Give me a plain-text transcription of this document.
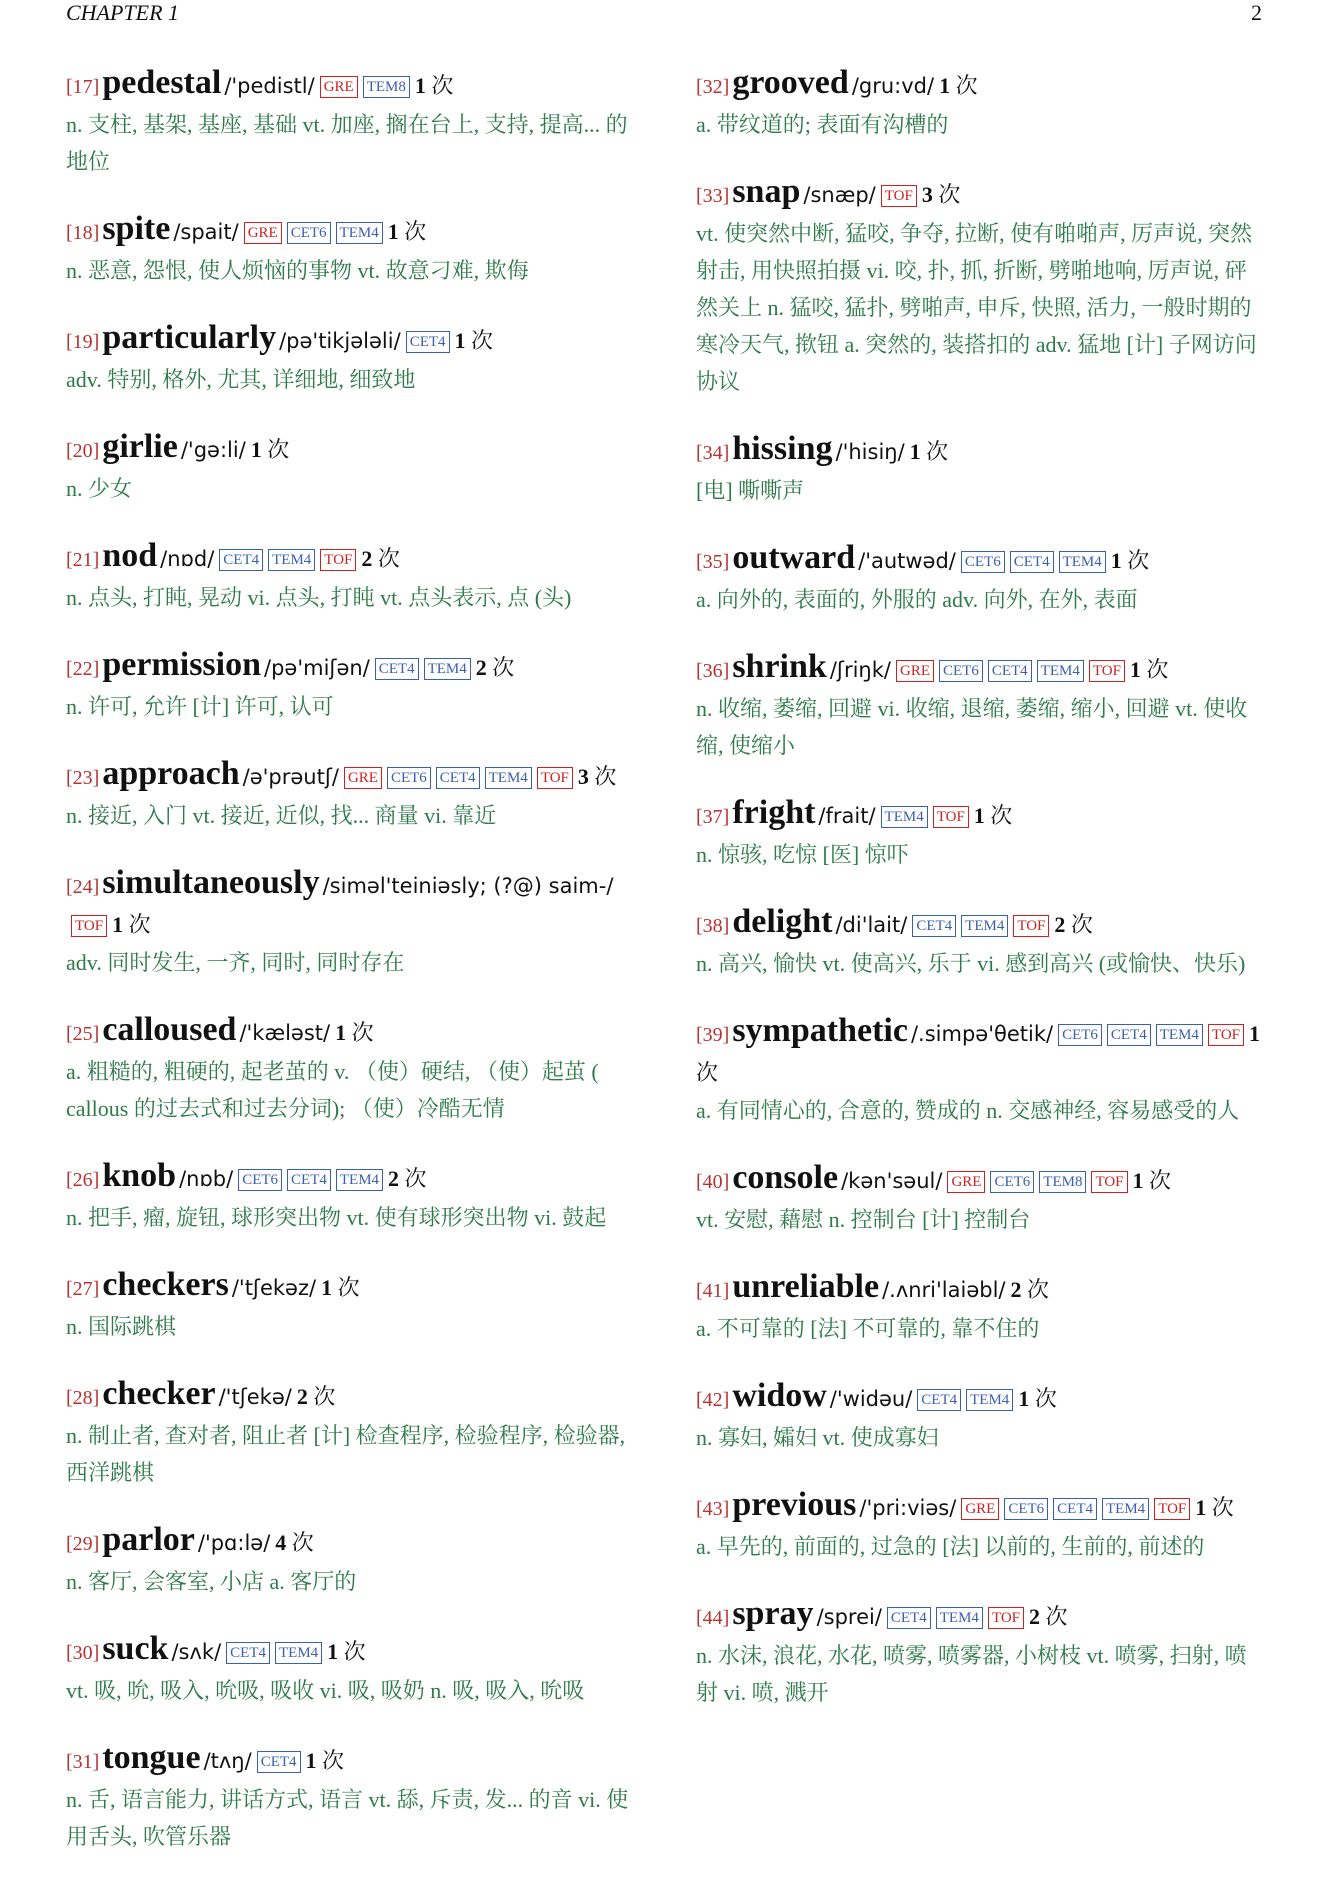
CHAPTER 1	2
[17]pedestal /'pedistl/ GRE TEM8 1 次
n. 支柱, 基架, 基座, 基础 vt. 加座, 搁在台上, 支持, 提高... 的地位
[18]spite /spait/ GRE CET6 TEM4 1 次
n. 恶意, 怨恨, 使人烦恼的事物 vt. 故意刁难, 欺侮
[19]particularly /pə'tikjələli/ CET4 1 次
adv. 特别, 格外, 尤其, 详细地, 细致地
[20]girlie /'gə:li/ 1 次
n. 少女
[21]nod /nɒd/ CET4 TEM4 TOF 2 次
n. 点头, 打盹, 晃动 vi. 点头, 打盹 vt. 点头表示, 点 (头)
[22]permission /pə'miʃən/ CET4 TEM4 2 次
n. 许可, 允许 [计] 许可, 认可
[23]approach /ə'prəutʃ/ GRE CET6 CET4 TEM4 TOF 3 次
n. 接近, 入门 vt. 接近, 近似, 找... 商量 vi. 靠近
[24]simultaneously /siməl'teiniəsly; (?@) saim-/TOF 1 次
adv. 同时发生, 一齐, 同时, 同时存在
[25]calloused /'kæləst/ 1 次
a. 粗糙的, 粗硬的, 起老茧的 v. （使）硬结, （使）起茧 ( callous 的过去式和过去分词); （使）冷酷无情
[26]knob /nɒb/ CET6 CET4 TEM4 2 次
n. 把手, 瘤, 旋钮, 球形突出物 vt. 使有球形突出物 vi. 鼓起
[27]checkers /'tʃekəz/ 1 次
n. 国际跳棋
[28]checker /'tʃekə/ 2 次
n. 制止者, 查对者, 阻止者 [计] 检查程序, 检验程序, 检验器, 西洋跳棋
[29]parlor /'pɑ:lə/ 4 次
n. 客厅, 会客室, 小店 a. 客厅的
[30]suck /sʌk/ CET4 TEM4 1 次
vt. 吸, 吮, 吸入, 吮吸, 吸收 vi. 吸, 吸奶 n. 吸, 吸入, 吮吸
[31]tongue /tʌŋ/ CET4 1 次
n. 舌, 语言能力, 讲话方式, 语言 vt. 舔, 斥责, 发... 的音 vi. 使用舌头, 吹管乐器
[32]grooved /gru:vd/ 1 次
a. 带纹道的; 表面有沟槽的
[33]snap /snæp/ TOF 3 次
vt. 使突然中断, 猛咬, 争夺, 拉断, 使有啪啪声, 厉声说, 突然射击, 用快照拍摄 vi. 咬, 扑, 抓, 折断, 劈啪地响, 厉声说, 砰然关上 n. 猛咬, 猛扑, 劈啪声, 申斥, 快照, 活力, 一般时期的寒冷天气, 揿钮 a. 突然的, 装搭扣的 adv. 猛地 [计] 子网访问协议
[34]hissing /'hisiŋ/ 1 次
[电] 嘶嘶声
[35]outward /'autwəd/ CET6 CET4 TEM4 1 次
a. 向外的, 表面的, 外服的 adv. 向外, 在外, 表面
[36]shrink /ʃriŋk/ GRE CET6 CET4 TEM4 TOF 1 次
n. 收缩, 萎缩, 回避 vi. 收缩, 退缩, 萎缩, 缩小, 回避 vt. 使收缩, 使缩小
[37]fright /frait/ TEM4 TOF 1 次
n. 惊骇, 吃惊 [医] 惊吓
[38]delight /di'lait/ CET4 TEM4 TOF 2 次
n. 高兴, 愉快 vt. 使高兴, 乐于 vi. 感到高兴 (或愉快、快乐)
[39]sympathetic /.simpə'θetik/ CET6 CET4 TEM4 TOF 1 次
a. 有同情心的, 合意的, 赞成的 n. 交感神经, 容易感受的人
[40]console /kən'səul/ GRE CET6 TEM8 TOF 1 次
vt. 安慰, 藉慰 n. 控制台 [计] 控制台
[41]unreliable /.ʌnri'laiəbl/ 2 次
a. 不可靠的 [法] 不可靠的, 靠不住的
[42]widow /'widəu/ CET4 TEM4 1 次
n. 寡妇, 孀妇 vt. 使成寡妇
[43]previous /'pri:viəs/ GRE CET6 CET4 TEM4 TOF 1 次
a. 早先的, 前面的, 过急的 [法] 以前的, 生前的, 前述的
[44]spray /sprei/ CET4 TEM4 TOF 2 次
n. 水沫, 浪花, 水花, 喷雾, 喷雾器, 小树枝 vt. 喷雾, 扫射, 喷射 vi. 喷, 溅开
